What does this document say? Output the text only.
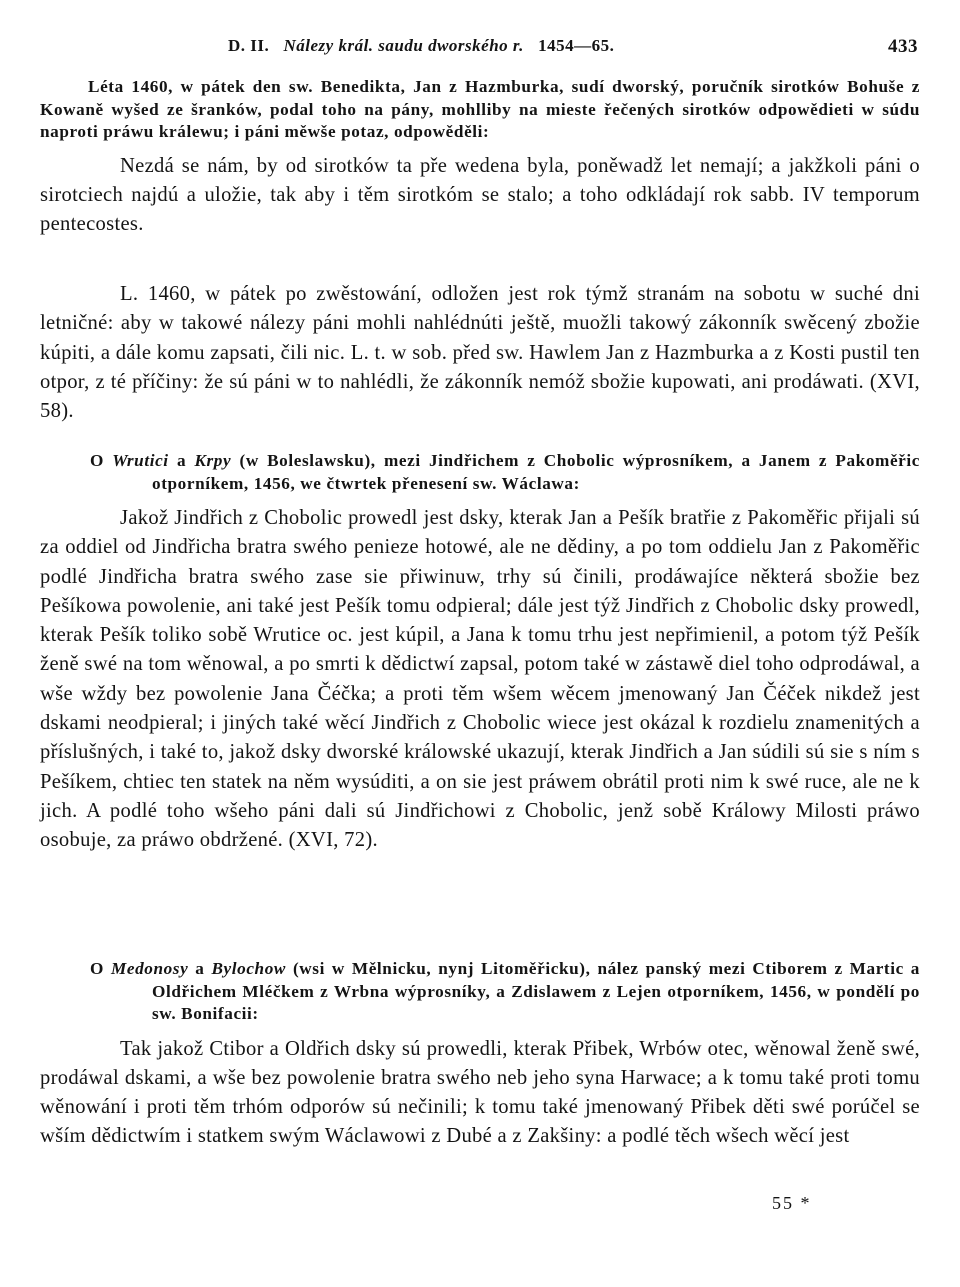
D. II. Nálezy král. saudu dworského r. 1454—65.	433

Léta 1460, w pátek den sw. Benedikta, Jan z Hazmburka, sudí dworský, poručník sirotków Bohuše z Kowaně wyšed ze šranków, podal toho na pány, mohlliby na mieste řečených sirotków odpowědieti w súdu naproti práwu králewu; i páni měwše potaz, odpowěděli:

Nezdá se nám, by od sirotków ta pře wedena byla, poněwadž let nemají; a jakžkoli páni o sirotciech najdú a uložie, tak aby i těm sirotkóm se stalo; a toho odkládají rok sabb. IV temporum pentecostes.

L. 1460, w pátek po zwěstowání, odložen jest rok týmž stranám na sobotu w suché dni letničné: aby w takowé nálezy páni mohli nahlédnúti ještě, muožli takowý zákonník swěcený zbožie kúpiti, a dále komu zapsati, čili nic. L. t. w sob. před sw. Hawlem Jan z Hazmburka a z Kosti pustil ten otpor, z té příčiny: že sú páni w to nahlédli, že zákonník nemóž sbožie kupowati, ani prodáwati. (XVI, 58).

O Wrutici a Krpy (w Boleslawsku), mezi Jindřichem z Chobolic wýprosníkem, a Janem z Pakoměřic otporníkem, 1456, we čtwrtek přenesení sw. Wáclawa:

Jakož Jindřich z Chobolic prowedl jest dsky, kterak Jan a Pešík bratřie z Pakoměřic přijali sú za oddiel od Jindřicha bratra swého penieze hotowé, ale ne dědiny, a po tom oddielu Jan z Pakoměřic podlé Jindřicha bratra swého zase sie přiwinuw, trhy sú činili, prodáwajíce některá sbožie bez Pešíkowa powolenie, ani také jest Pešík tomu odpieral; dále jest týž Jindřich z Chobolic dsky prowedl, kterak Pešík toliko sobě Wrutice oc. jest kúpil, a Jana k tomu trhu jest nepřimienil, a potom týž Pešík ženě swé na tom wěnowal, a po smrti k dědictwí zapsal, potom také w zástawě diel toho odprodáwal, a wše wždy bez powolenie Jana Čéčka; a proti těm wšem wěcem jmenowaný Jan Čéček nikdež jest dskami neodpieral; i jiných také wěcí Jindřich z Chobolic wiece jest okázal k rozdielu znamenitých a příslušných, i také to, jakož dsky dworské králowské ukazují, kterak Jindřich a Jan súdili sú sie s ním s Pešíkem, chtiec ten statek na něm wysúditi, a on sie jest práwem obrátil proti nim k swé ruce, ale ne k jich. A podlé toho wšeho páni dali sú Jindřichowi z Chobolic, jenž sobě Králowy Milosti práwo osobuje, za práwo obdržené. (XVI, 72).

O Medonosy a Bylochow (wsi w Mělnicku, nynj Litoměřicku), nález panský mezi Ctiborem z Martic a Oldřichem Mléčkem z Wrbna wýprosníky, a Zdislawem z Lejen otporníkem, 1456, w pondělí po sw. Bonifacii:

Tak jakož Ctibor a Oldřich dsky sú prowedli, kterak Přibek, Wrbów otec, wěnowal ženě swé, prodáwal dskami, a wše bez powolenie bratra swého neb jeho syna Harwace; a k tomu také proti tomu wěnowání i proti těm trhóm odporów sú nečinili; k tomu také jmenowaný Přibek děti swé porúčel se wším dědictwím i statkem swým Wáclawowi z Dubé a z Zakšiny: a podlé těch wšech wěcí jest

55 *
